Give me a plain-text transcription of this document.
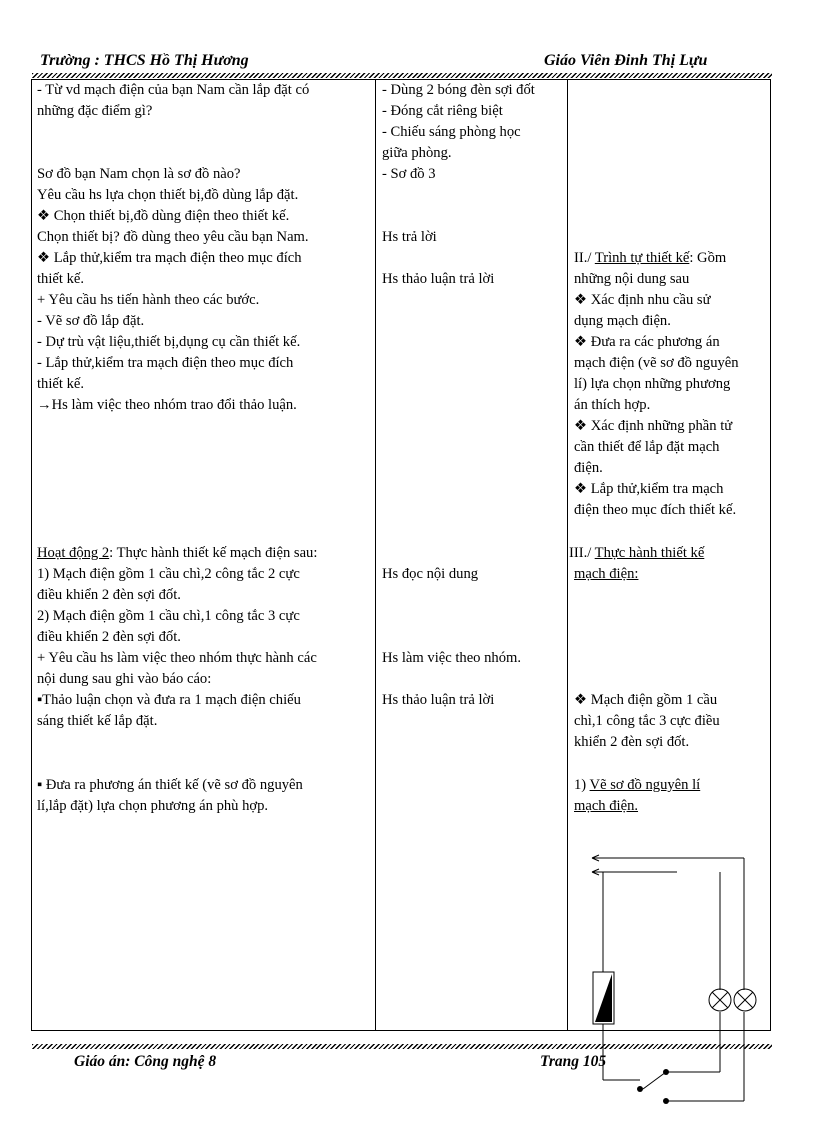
Trường : THCS Hồ Thị Hương	Giáo Viên Đinh Thị Lựu
- Từ vd mạch điện của bạn Nam cần lắp đặt có
những đặc điểm gì?
Sơ đồ bạn Nam chọn là sơ đồ nào?
Yêu cầu hs lựa chọn thiết bị,đồ dùng lắp đặt.
❖ Chọn thiết bị,đồ dùng điện theo thiết kế.
Chọn thiết bị? đồ dùng theo yêu cầu bạn Nam.
❖ Lắp thử,kiểm tra mạch điện theo mục đích
thiết kế.
+ Yêu cầu hs tiến hành theo các bước.
- Vẽ sơ đồ lắp đặt.
- Dự trù vật liệu,thiết bị,dụng cụ cần thiết kế.
- Lắp thử,kiểm tra mạch điện theo mục đích
thiết kế.
→Hs làm việc theo nhóm trao đổi thảo luận.
Hoạt động 2: Thực hành thiết kế mạch điện sau:
1) Mạch điện gồm 1 cầu chì,2 công tắc 2 cực
điều khiển 2 đèn sợi đốt.
2) Mạch điện gồm 1 cầu chì,1 công tắc 3 cực
điều khiển 2 đèn sợi đốt.
+ Yêu cầu hs làm việc theo nhóm thực hành các
nội dung sau ghi vào báo cáo:
▪Thảo luận chọn và đưa ra 1 mạch điện chiếu
sáng thiết kế lắp đặt.
▪ Đưa ra phương án thiết kế (vẽ sơ đồ nguyên
lí,lắp đặt) lựa chọn phương án phù hợp.
- Dùng 2 bóng đèn sợi đốt
- Đóng cắt riêng biệt
- Chiếu sáng phòng học
giữa phòng.
- Sơ đồ 3
Hs trả lời
Hs thảo luận trả lời
Hs đọc nội dung
Hs làm việc theo nhóm.
Hs thảo luận trả lời
II./ Trình tự thiết kế: Gồm
những nội dung sau
❖ Xác định nhu cầu sử
dụng mạch điện.
❖ Đưa ra các phương án
mạch điện (vẽ sơ đồ nguyên
lí) lựa chọn những phương
án thích hợp.
❖ Xác định những phần tử
cần thiết để lắp đặt mạch
điện.
❖ Lắp thử,kiểm tra mạch
điện theo mục đích thiết kế.
III./ Thực hành thiết kế
mạch điện:
❖ Mạch điện gồm 1 cầu
chì,1 công tắc 3 cực điều
khiển 2 đèn sợi đốt.
1) Vẽ sơ đồ nguyên lí
mạch điện.
Giáo án: Công nghệ 8	Trang 105
